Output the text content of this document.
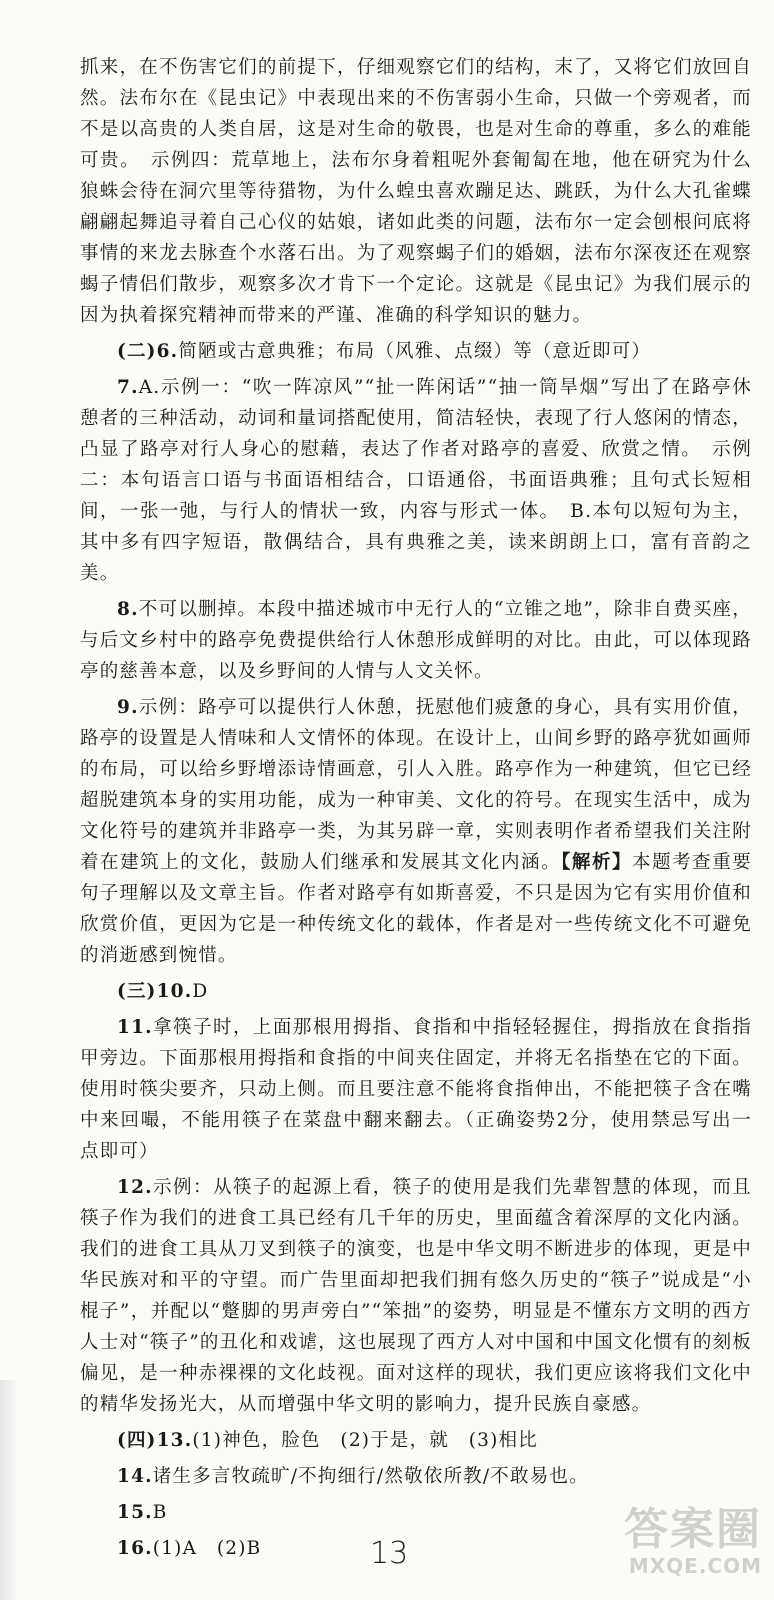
抓来，在不伤害它们的前提下，仔细观察它们的结构，末了，又将它们放回自然。法布尔在《昆虫记》中表现出来的不伤害弱小生命，只做一个旁观者，而不是以高贵的人类自居，这是对生命的敬畏，也是对生命的尊重，多么的难能可贵。　示例四：荒草地上，法布尔身着粗呢外套匍匐在地，他在研究为什么狼蛛会待在洞穴里等待猎物，为什么蝗虫喜欢蹦足达、跳跃，为什么大孔雀蝶翩翩起舞追寻着自己心仪的姑娘，诸如此类的问题，法布尔一定会刨根问底将事情的来龙去脉查个水落石出。为了观察蝎子们的婚姻，法布尔深夜还在观察蝎子情侣们散步，观察多次才肯下一个定论。这就是《昆虫记》为我们展示的因为执着探究精神而带来的严谨、准确的科学知识的魅力。

(二)6.简陋或古意典雅；布局（风雅、点缀）等（意近即可）

7.A.示例一：“吹一阵凉风”“扯一阵闲话”“抽一筒旱烟”写出了在路亭休憩者的三种活动，动词和量词搭配使用，简洁轻快，表现了行人悠闲的情态，凸显了路亭对行人身心的慰藉，表达了作者对路亭的喜爱、欣赏之情。　示例二：本句语言口语与书面语相结合，口语通俗，书面语典雅；且句式长短相间，一张一弛，与行人的情状一致，内容与形式一体。　B.本句以短句为主，其中多有四字短语，散偶结合，具有典雅之美，读来朗朗上口，富有音韵之美。

8.不可以删掉。本段中描述城市中无行人的“立锥之地”，除非自费买座，与后文乡村中的路亭免费提供给行人休憩形成鲜明的对比。由此，可以体现路亭的慈善本意，以及乡野间的人情与人文关怀。

9.示例：路亭可以提供行人休憩，抚慰他们疲惫的身心，具有实用价值，路亭的设置是人情味和人文情怀的体现。在设计上，山间乡野的路亭犹如画师的布局，可以给乡野增添诗情画意，引人入胜。路亭作为一种建筑，但它已经超脱建筑本身的实用功能，成为一种审美、文化的符号。在现实生活中，成为文化符号的建筑并非路亭一类，为其另辟一章，实则表明作者希望我们关注附着在建筑上的文化，鼓励人们继承和发展其文化内涵。【解析】本题考查重要句子理解以及文章主旨。作者对路亭有如斯喜爱，不只是因为它有实用价值和欣赏价值，更因为它是一种传统文化的载体，作者是对一些传统文化不可避免的消逝感到惋惜。

(三)10.D

11.拿筷子时，上面那根用拇指、食指和中指轻轻握住，拇指放在食指指甲旁边。下面那根用拇指和食指的中间夹住固定，并将无名指垫在它的下面。使用时筷尖要齐，只动上侧。而且要注意不能将食指伸出，不能把筷子含在嘴中来回嘬，不能用筷子在菜盘中翻来翻去。（正确姿势2分，使用禁忌写出一点即可）

12.示例：从筷子的起源上看，筷子的使用是我们先辈智慧的体现，而且筷子作为我们的进食工具已经有几千年的历史，里面蕴含着深厚的文化内涵。我们的进食工具从刀叉到筷子的演变，也是中华文明不断进步的体现，更是中华民族对和平的守望。而广告里面却把我们拥有悠久历史的“筷子”说成是“小棍子”，并配以“蹩脚的男声旁白”“笨拙”的姿势，明显是不懂东方文明的西方人士对“筷子”的丑化和戏谑，这也展现了西方人对中国和中国文化惯有的刻板偏见，是一种赤裸裸的文化歧视。面对这样的现状，我们更应该将我们文化中的精华发扬光大，从而增强中华文明的影响力，提升民族自豪感。

(四)13.(1)神色，脸色　(2)于是，就　(3)相比

14.诸生多言牧疏旷/不拘细行/然敬依所教/不敢易也。

15.B

16.(1)A　(2)B	13	答案圈
MXQE.COM
